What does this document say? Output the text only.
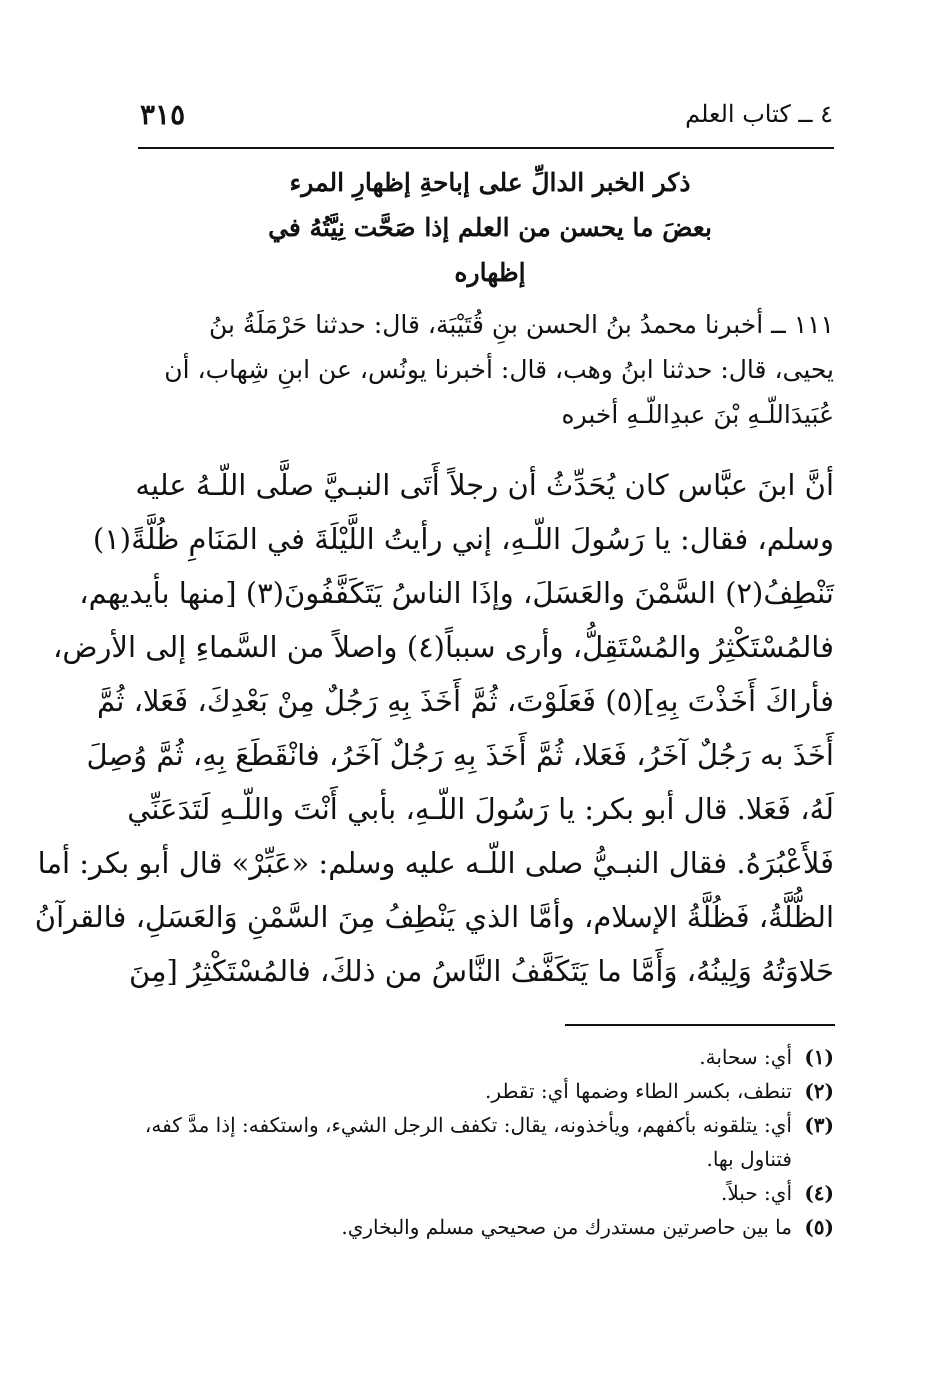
٤ ــ كتاب العلم
٣١٥
ذكر الخبر الدالِّ على إباحةِ إظهارِ المرء
بعضَ ما يحسن من العلم إذا صَحَّت نِيَّتُهُ في
إظهاره
١١١ ــ أخبرنا محمدُ بنُ الحسن بنِ قُتَيْبَة، قال: حدثنا حَرْمَلَةُ بنُ
يحيى، قال: حدثنا ابنُ وهب، قال: أخبرنا يونُس، عن ابنِ شِهاب، أن
عُبَيدَاللّـهِ بْنَ عبدِاللّـهِ أخبره
أنَّ ابنَ عبَّاس كان يُحَدِّثُ أن رجلاً أَتَى النبـيَّ صلَّى اللّـهُ عليه
وسلم، فقال: يا رَسُولَ اللّـهِ، إني رأيتُ اللَّيْلَةَ في المَنَامِ ظُلَّةً(١)
تَنْطِفُ(٢) السَّمْنَ والعَسَلَ، وإذَا الناسُ يَتَكَفَّفُونَ(٣) [منها بأيديهم،
فالمُسْتَكْثِرُ والمُسْتَقِلُّ، وأرى سبباً(٤) واصلاً من السَّماءِ إلى الأرض،
فأراكَ أَخَذْتَ بِهِ](٥) فَعَلَوْتَ، ثُمَّ أَخَذَ بِهِ رَجُلٌ مِنْ بَعْدِكَ، فَعَلا، ثُمَّ
أَخَذَ به رَجُلٌ آخَرُ، فَعَلا، ثُمَّ أَخَذَ بِهِ رَجُلٌ آخَرُ، فانْقَطَعَ بِهِ، ثُمَّ وُصِلَ
لَهُ، فَعَلا. قال أبو بكر: يا رَسُولَ اللّـهِ، بأبي أَنْتَ واللّـهِ لَتَدَعَنِّي
فَلأَعْبُرَهُ. فقال النبـيُّ صلى اللّـه عليه وسلم: «عَبِّرْ» قال أبو بكر: أما
الظُّلَّةُ، فَظُلَّةُ الإسلام، وأمَّا الذي يَنْطِفُ مِنَ السَّمْنِ وَالعَسَلِ، فالقرآنُ
حَلاوَتُهُ وَلِينُهُ، وَأَمَّا ما يَتَكَفَّفُ النَّاسُ من ذلكَ، فالمُسْتَكْثِرُ [مِنَ
(١)
أي: سحابة.
(٢)
تنطف، بكسر الطاء وضمها أي: تقطر.
(٣)
أي: يتلقونه بأكفهم، ويأخذونه، يقال: تكفف الرجل الشيء، واستكفه: إذا مدَّ كفه، فتناول بها.
(٤)
أي: حبلاً.
(٥)
ما بين حاصرتين مستدرك من صحيحي مسلم والبخاري.
